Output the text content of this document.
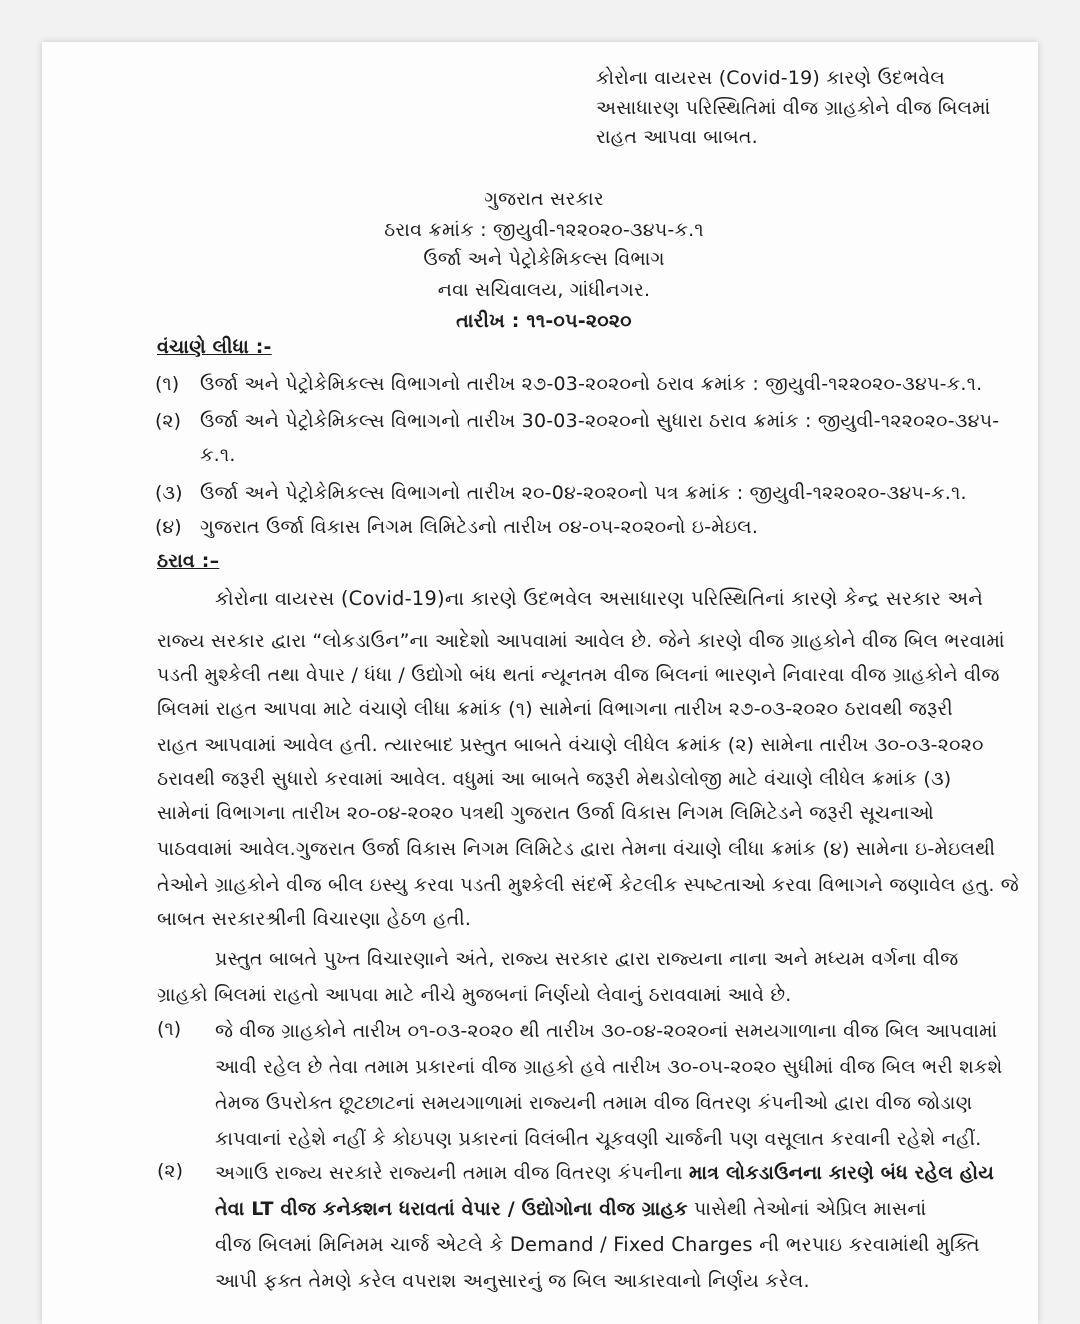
કોરોના વાયરસ (Covid-19) કારણે ઉદભવેલ
અસાધારણ પરિસ્થિતિમાં વીજ ગ્રાહકોને વીજ બિલમાં
રાહત આપવા બાબત.
ગુજરાત સરકાર
ઠરાવ ક્રમાંક : જીયુવી-૧૨૨૦૨૦-૩૪૫-ક.૧
ઉર્જા અને પેટ્રોકેમિકલ્સ વિભાગ
નવા સચિવાલય, ગાંધીનગર.
તારીખ : ૧૧-૦૫-૨૦૨૦
વંચાણે લીધા :-
(૧) ઉર્જા અને પેટ્રોકેમિકલ્સ વિભાગનો તારીખ ૨૭-03-૨૦૨૦નો ઠરાવ ક્રમાંક : જીયુવી-૧૨૨૦૨૦-૩૪૫-ક.૧.
(૨) ઉર્જા અને પેટ્રોકેમિકલ્સ વિભાગનો તારીખ 30-03-૨૦૨૦નો સુધારા ઠરાવ ક્રમાંક : જીયુવી-૧૨૨૦૨૦-૩૪૫-
ક.૧.
(૩) ઉર્જા અને પેટ્રોકેમિકલ્સ વિભાગનો તારીખ ૨૦-0૪-૨૦૨૦નો પત્ર ક્રમાંક : જીયુવી-૧૨૨૦૨૦-૩૪૫-ક.૧.
(૪) ગુજરાત ઉર્જા વિકાસ નિગમ લિમિટેડનો તારીખ ૦૪-૦૫-૨૦૨૦નો ઇ-મેઇલ.
ઠરાવ :–
કોરોના વાયરસ (Covid-19)ના કારણે ઉદભવેલ અસાધારણ પરિસ્થિતિનાં કારણે કેન્દ્ર સરકાર અને
રાજ્ય સરકાર દ્વારા “લોકડાઉન”ના આદેશો આપવામાં આવેલ છે. જેને કારણે વીજ ગ્રાહકોને વીજ બિલ ભરવામાં
પડતી મુશ્કેલી તથા વેપાર / ધંધા / ઉદ્યોગો બંધ થતાં ન્યૂનતમ વીજ બિલનાં ભારણને નિવારવા વીજ ગ્રાહકોને વીજ
બિલમાં રાહત આપવા માટે વંચાણે લીધા ક્રમાંક (૧) સામેનાં વિભાગના તારીખ ૨૭-૦૩-૨૦૨૦ ઠરાવથી જરૂરી
રાહત આપવામાં આવેલ હતી. ત્યારબાદ પ્રસ્તુત બાબતે વંચાણે લીધેલ ક્રમાંક (૨) સામેના તારીખ ૩૦-૦૩-૨૦૨૦
ઠરાવથી જરૂરી સુધારો કરવામાં આવેલ. વધુમાં આ બાબતે જરૂરી મેથડોલોજી માટે વંચાણે લીધેલ ક્રમાંક (૩)
સામેનાં વિભાગના તારીખ ૨૦-૦૪-૨૦૨૦ પત્રથી ગુજરાત ઉર્જા વિકાસ નિગમ લિમિટેડને જરૂરી સૂચનાઓ
પાઠવવામાં આવેલ.ગુજરાત ઉર્જા વિકાસ નિગમ લિમિટેડ દ્વારા તેમના વંચાણે લીધા ક્રમાંક (૪) સામેના ઇ-મેઇલથી
તેઓને ગ્રાહકોને વીજ બીલ ઇસ્યુ કરવા પડતી મુશ્કેલી સંદર્ભે કેટલીક સ્પષ્ટતાઓ કરવા વિભાગને જણાવેલ હતુ. જે
બાબત સરકારશ્રીની વિચારણા હેઠળ હતી.
પ્રસ્તુત બાબતે પુખ્ત વિચારણાને અંતે, રાજ્ય સરકાર દ્વારા રાજ્યના નાના અને મધ્યમ વર્ગના વીજ
ગ્રાહકો બિલમાં રાહતો આપવા માટે નીચે મુજબનાં નિર્ણયો લેવાનું ઠરાવવામાં આવે છે.
(૧) જે વીજ ગ્રાહકોને તારીખ ૦૧-૦૩-૨૦૨૦ થી તારીખ ૩૦-૦૪-૨૦૨૦નાં સમયગાળાના વીજ બિલ આપવામાં
આવી રહેલ છે તેવા તમામ પ્રકારનાં વીજ ગ્રાહકો હવે તારીખ ૩૦-૦૫-૨૦૨૦ સુધીમાં વીજ બિલ ભરી શકશે
તેમજ ઉપરોક્ત છૂટછાટનાં સમયગાળામાં રાજ્યની તમામ વીજ વિતરણ કંપનીઓ દ્વારા વીજ જોડાણ
કાપવાનાં રહેશે નહીં કે કોઇપણ પ્રકારનાં વિલંબીત ચૂકવણી ચાર્જની પણ વસૂલાત કરવાની રહેશે નહીં.
(૨) અગાઉ રાજ્ય સરકારે રાજ્યની તમામ વીજ વિતરણ કંપનીના માત્ર લોકડાઉનના કારણે બંધ રહેલ હોય
તેવા LT વીજ કનેક્શન ધરાવતાં વેપાર / ઉદ્યોગોના વીજ ગ્રાહક પાસેથી તેઓનાં એપ્રિલ માસનાં
વીજ બિલમાં મિનિમમ ચાર્જ એટલે કે Demand / Fixed Charges ની ભરપાઇ કરવામાંથી મુક્તિ
આપી ફક્ત તેમણે કરેલ વપરાશ અનુસારનું જ બિલ આકારવાનો નિર્ણય કરેલ.
